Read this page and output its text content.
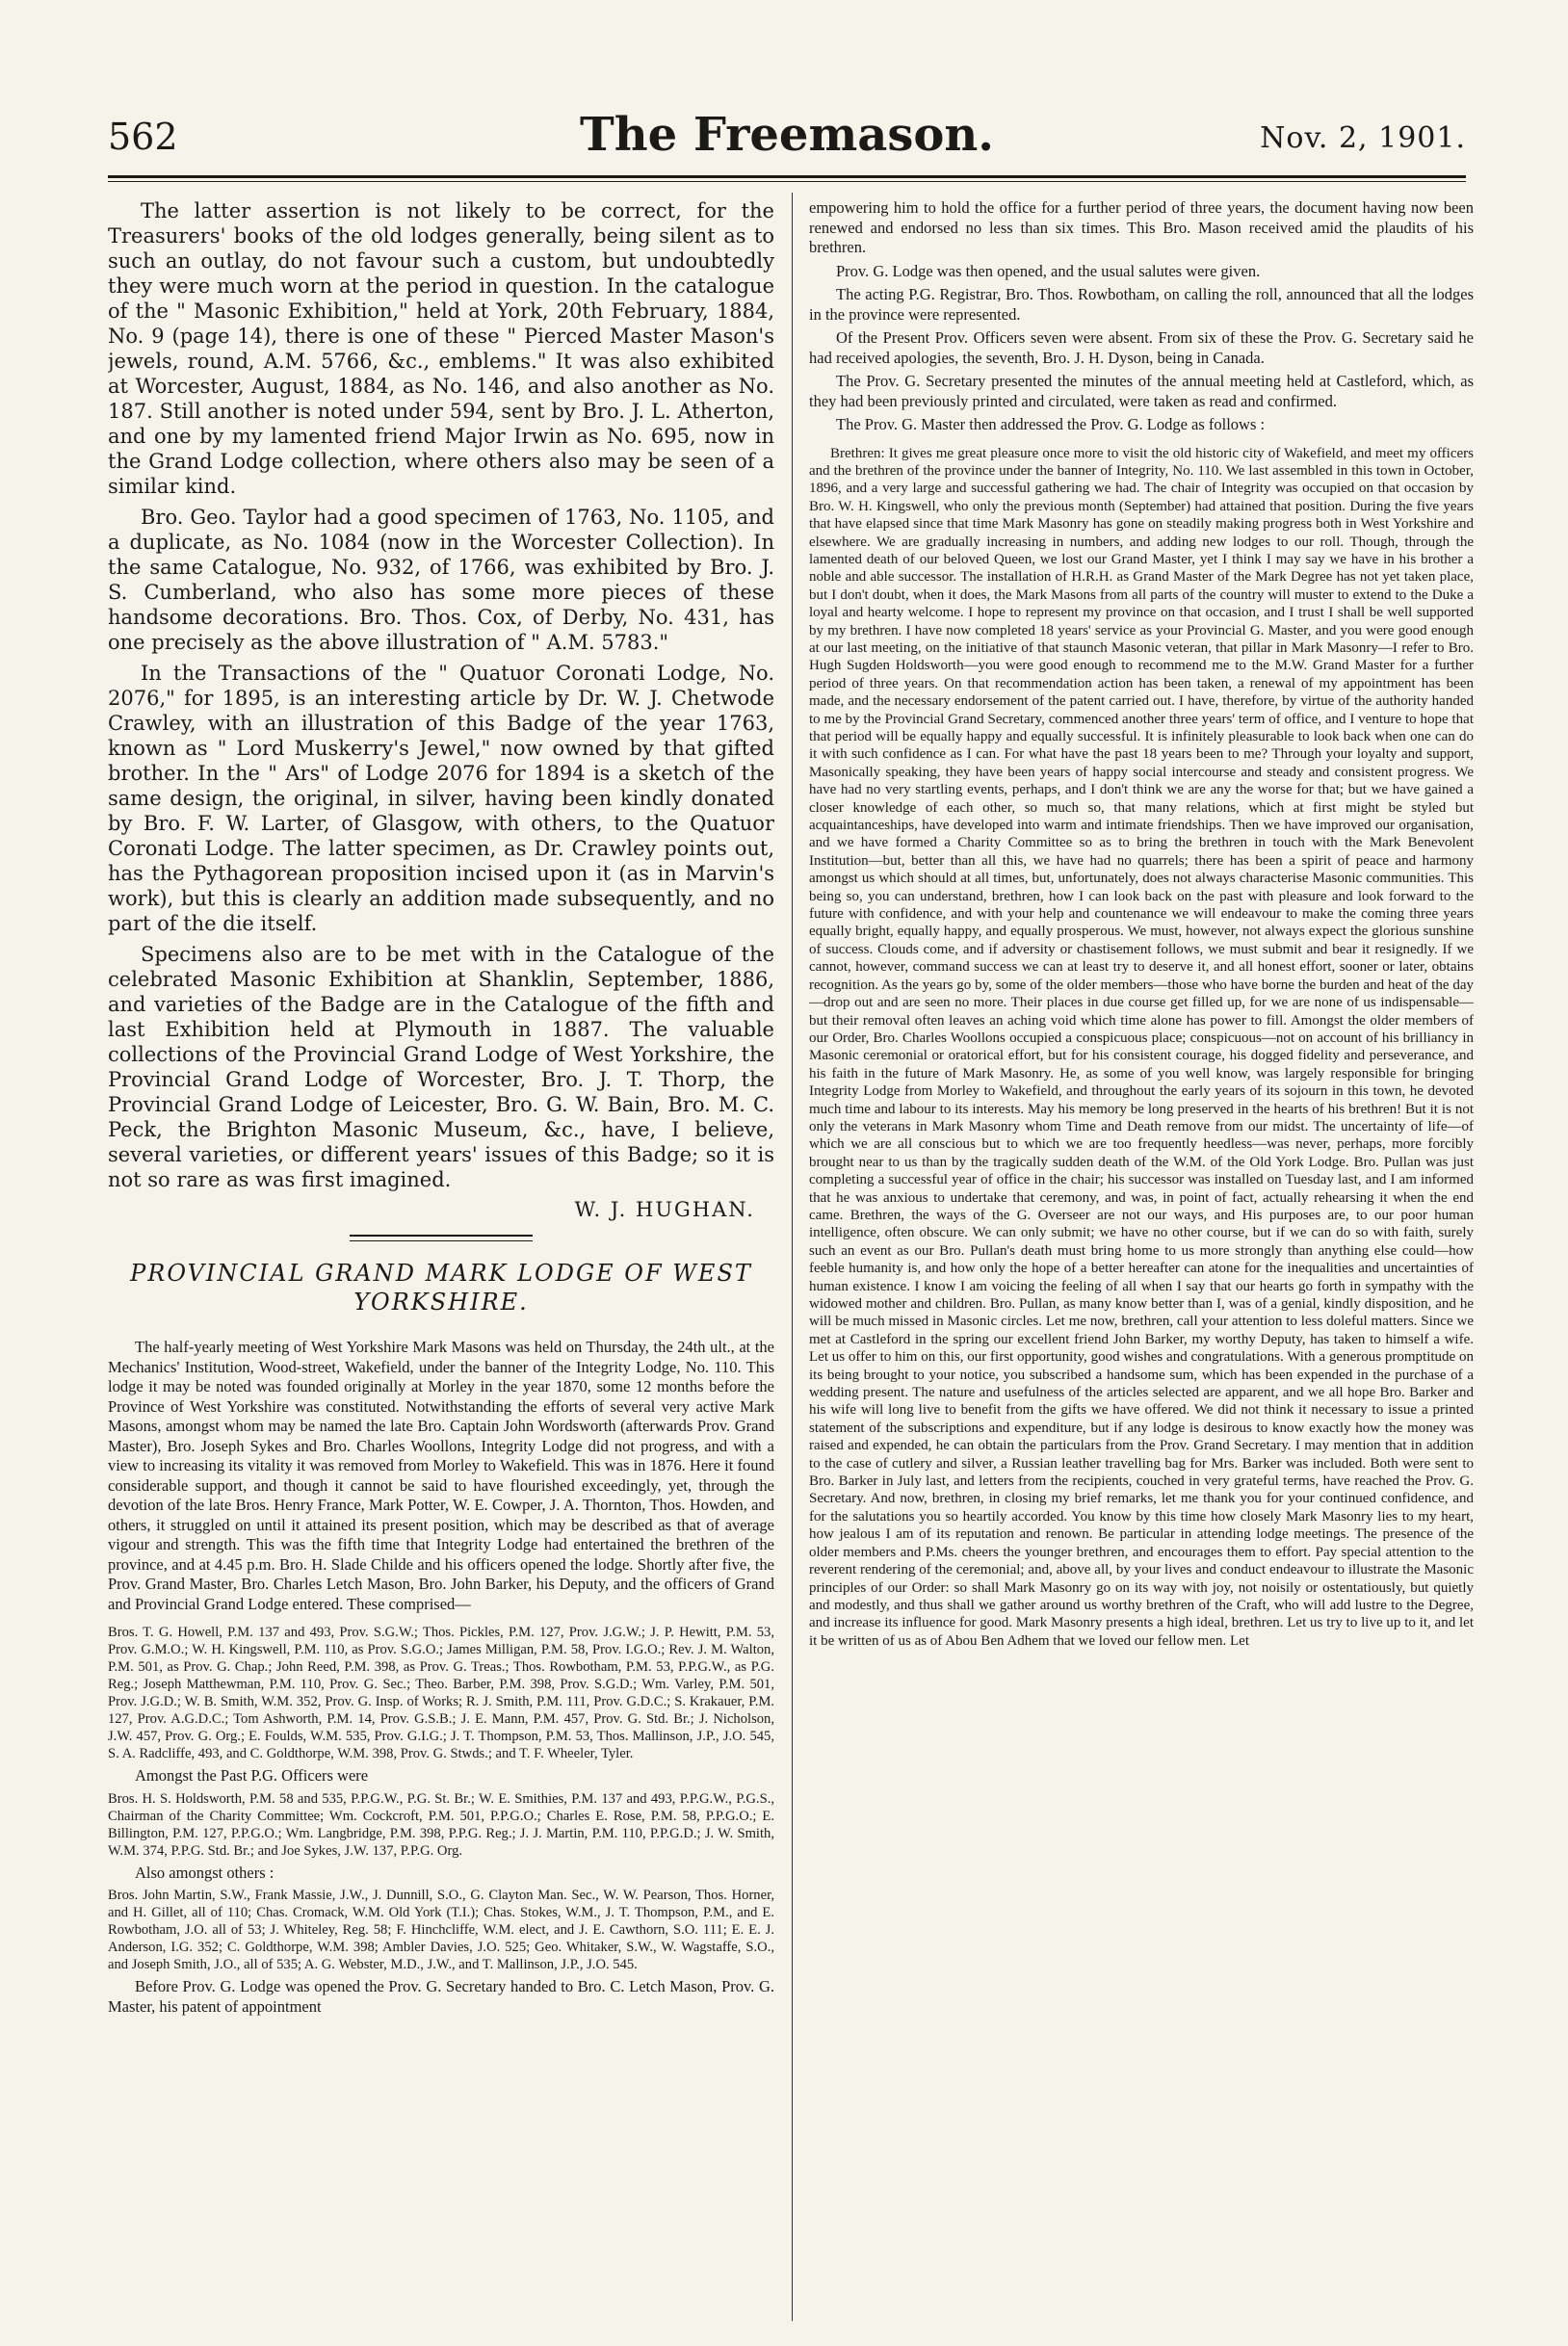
562	The Freemason.	Nov. 2, 1901.

The latter assertion is not likely to be correct, for the Treasurers' books of the old lodges generally, being silent as to such an outlay, do not favour such a custom, but undoubtedly they were much worn at the period in question. In the catalogue of the " Masonic Exhibition," held at York, 20th February, 1884, No. 9 (page 14), there is one of these " Pierced Master Mason's jewels, round, A.M. 5766, &c., emblems." It was also exhibited at Worcester, August, 1884, as No. 146, and also another as No. 187. Still another is noted under 594, sent by Bro. J. L. Atherton, and one by my lamented friend Major Irwin as No. 695, now in the Grand Lodge collection, where others also may be seen of a similar kind.

Bro. Geo. Taylor had a good specimen of 1763, No. 1105, and a duplicate, as No. 1084 (now in the Worcester Collection). In the same Catalogue, No. 932, of 1766, was exhibited by Bro. J. S. Cumberland, who also has some more pieces of these handsome decorations. Bro. Thos. Cox, of Derby, No. 431, has one precisely as the above illustration of " A.M. 5783."

In the Transactions of the " Quatuor Coronati Lodge, No. 2076," for 1895, is an interesting article by Dr. W. J. Chetwode Crawley, with an illustration of this Badge of the year 1763, known as " Lord Muskerry's Jewel," now owned by that gifted brother. In the " Ars" of Lodge 2076 for 1894 is a sketch of the same design, the original, in silver, having been kindly donated by Bro. F. W. Larter, of Glasgow, with others, to the Quatuor Coronati Lodge. The latter specimen, as Dr. Crawley points out, has the Pythagorean proposition incised upon it (as in Marvin's work), but this is clearly an addition made subsequently, and no part of the die itself.

Specimens also are to be met with in the Catalogue of the celebrated Masonic Exhibition at Shanklin, September, 1886, and varieties of the Badge are in the Catalogue of the fifth and last Exhibition held at Plymouth in 1887. The valuable collections of the Provincial Grand Lodge of West Yorkshire, the Provincial Grand Lodge of Worcester, Bro. J. T. Thorp, the Provincial Grand Lodge of Leicester, Bro. G. W. Bain, Bro. M. C. Peck, the Brighton Masonic Museum, &c., have, I believe, several varieties, or different years' issues of this Badge; so it is not so rare as was first imagined.

W. J. HUGHAN.
PROVINCIAL GRAND MARK LODGE OF WEST YORKSHIRE.

The half-yearly meeting of West Yorkshire Mark Masons was held on Thursday, the 24th ult., at the Mechanics' Institution, Wood-street, Wakefield, under the banner of the Integrity Lodge, No. 110. This lodge it may be noted was founded originally at Morley in the year 1870, some 12 months before the Province of West Yorkshire was constituted. Notwithstanding the efforts of several very active Mark Masons, amongst whom may be named the late Bro. Captain John Wordsworth (afterwards Prov. Grand Master), Bro. Joseph Sykes and Bro. Charles Woollons, Integrity Lodge did not progress, and with a view to increasing its vitality it was removed from Morley to Wakefield. This was in 1876. Here it found considerable support, and though it cannot be said to have flourished exceedingly, yet, through the devotion of the late Bros. Henry France, Mark Potter, W. E. Cowper, J. A. Thornton, Thos. Howden, and others, it struggled on until it attained its present position, which may be described as that of average vigour and strength. This was the fifth time that Integrity Lodge had entertained the brethren of the province, and at 4.45 p.m. Bro. H. Slade Childe and his officers opened the lodge. Shortly after five, the Prov. Grand Master, Bro. Charles Letch Mason, Bro. John Barker, his Deputy, and the officers of Grand and Provincial Grand Lodge entered. These comprised—

Bros. T. G. Howell, P.M. 137 and 493, Prov. S.G.W.; Thos. Pickles, P.M. 127, Prov. J.G.W.; J. P. Hewitt, P.M. 53, Prov. G.M.O.; W. H. Kingswell, P.M. 110, as Prov. S.G.O.; James Milligan, P.M. 58, Prov. I.G.O.; Rev. J. M. Walton, P.M. 501, as Prov. G. Chap.; John Reed, P.M. 398, as Prov. G. Treas.; Thos. Rowbotham, P.M. 53, P.P.G.W., as P.G. Reg.; Joseph Matthewman, P.M. 110, Prov. G. Sec.; Theo. Barber, P.M. 398, Prov. S.G.D.; Wm. Varley, P.M. 501, Prov. J.G.D.; W. B. Smith, W.M. 352, Prov. G. Insp. of Works; R. J. Smith, P.M. 111, Prov. G.D.C.; S. Krakauer, P.M. 127, Prov. A.G.D.C.; Tom Ashworth, P.M. 14, Prov. G.S.B.; J. E. Mann, P.M. 457, Prov. G. Std. Br.; J. Nicholson, J.W. 457, Prov. G. Org.; E. Foulds, W.M. 535, Prov. G.I.G.; J. T. Thompson, P.M. 53, Thos. Mallinson, J.P., J.O. 545, S. A. Radcliffe, 493, and C. Goldthorpe, W.M. 398, Prov. G. Stwds.; and T. F. Wheeler, Tyler.

Amongst the Past P.G. Officers were

Bros. H. S. Holdsworth, P.M. 58 and 535, P.P.G.W., P.G. St. Br.; W. E. Smithies, P.M. 137 and 493, P.P.G.W., P.G.S., Chairman of the Charity Committee; Wm. Cockcroft, P.M. 501, P.P.G.O.; Charles E. Rose, P.M. 58, P.P.G.O.; E. Billington, P.M. 127, P.P.G.O.; Wm. Langbridge, P.M. 398, P.P.G. Reg.; J. J. Martin, P.M. 110, P.P.G.D.; J. W. Smith, W.M. 374, P.P.G. Std. Br.; and Joe Sykes, J.W. 137, P.P.G. Org.

Also amongst others :

Bros. John Martin, S.W., Frank Massie, J.W., J. Dunnill, S.O., G. Clayton Man. Sec., W. W. Pearson, Thos. Horner, and H. Gillet, all of 110; Chas. Cromack, W.M. Old York (T.I.); Chas. Stokes, W.M., J. T. Thompson, P.M., and E. Rowbotham, J.O. all of 53; J. Whiteley, Reg. 58; F. Hinchcliffe, W.M. elect, and J. E. Cawthorn, S.O. 111; E. E. J. Anderson, I.G. 352; C. Goldthorpe, W.M. 398; Ambler Davies, J.O. 525; Geo. Whitaker, S.W., W. Wagstaffe, S.O., and Joseph Smith, J.O., all of 535; A. G. Webster, M.D., J.W., and T. Mallinson, J.P., J.O. 545.

Before Prov. G. Lodge was opened the Prov. G. Secretary handed to Bro. C. Letch Mason, Prov. G. Master, his patent of appointment

empowering him to hold the office for a further period of three years, the document having now been renewed and endorsed no less than six times. This Bro. Mason received amid the plaudits of his brethren.

Prov. G. Lodge was then opened, and the usual salutes were given.

The acting P.G. Registrar, Bro. Thos. Rowbotham, on calling the roll, announced that all the lodges in the province were represented.

Of the Present Prov. Officers seven were absent. From six of these the Prov. G. Secretary said he had received apologies, the seventh, Bro. J. H. Dyson, being in Canada.

The Prov. G. Secretary presented the minutes of the annual meeting held at Castleford, which, as they had been previously printed and circulated, were taken as read and confirmed.

The Prov. G. Master then addressed the Prov. G. Lodge as follows :

Brethren: It gives me great pleasure once more to visit the old historic city of Wakefield, and meet my officers and the brethren of the province under the banner of Integrity, No. 110. We last assembled in this town in October, 1896, and a very large and successful gathering we had. The chair of Integrity was occupied on that occasion by Bro. W. H. Kingswell, who only the previous month (September) had attained that position. During the five years that have elapsed since that time Mark Masonry has gone on steadily making progress both in West Yorkshire and elsewhere. We are gradually increasing in numbers, and adding new lodges to our roll. Though, through the lamented death of our beloved Queen, we lost our Grand Master, yet I think I may say we have in his brother a noble and able successor. The installation of H.R.H. as Grand Master of the Mark Degree has not yet taken place, but I don't doubt, when it does, the Mark Masons from all parts of the country will muster to extend to the Duke a loyal and hearty welcome. I hope to represent my province on that occasion, and I trust I shall be well supported by my brethren. I have now completed 18 years' service as your Provincial G. Master, and you were good enough at our last meeting, on the initiative of that staunch Masonic veteran, that pillar in Mark Masonry—I refer to Bro. Hugh Sugden Holdsworth—you were good enough to recommend me to the M.W. Grand Master for a further period of three years. On that recommendation action has been taken, a renewal of my appointment has been made, and the necessary endorsement of the patent carried out. I have, therefore, by virtue of the authority handed to me by the Provincial Grand Secretary, commenced another three years' term of office, and I venture to hope that that period will be equally happy and equally successful. It is infinitely pleasurable to look back when one can do it with such confidence as I can. For what have the past 18 years been to me? Through your loyalty and support, Masonically speaking, they have been years of happy social intercourse and steady and consistent progress. We have had no very startling events, perhaps, and I don't think we are any the worse for that; but we have gained a closer knowledge of each other, so much so, that many relations, which at first might be styled but acquaintanceships, have developed into warm and intimate friendships. Then we have improved our organisation, and we have formed a Charity Committee so as to bring the brethren in touch with the Mark Benevolent Institution—but, better than all this, we have had no quarrels; there has been a spirit of peace and harmony amongst us which should at all times, but, unfortunately, does not always characterise Masonic communities. This being so, you can understand, brethren, how I can look back on the past with pleasure and look forward to the future with confidence, and with your help and countenance we will endeavour to make the coming three years equally bright, equally happy, and equally prosperous. We must, however, not always expect the glorious sunshine of success. Clouds come, and if adversity or chastisement follows, we must submit and bear it resignedly. If we cannot, however, command success we can at least try to deserve it, and all honest effort, sooner or later, obtains recognition. As the years go by, some of the older members—those who have borne the burden and heat of the day—drop out and are seen no more. Their places in due course get filled up, for we are none of us indispensable—but their removal often leaves an aching void which time alone has power to fill. Amongst the older members of our Order, Bro. Charles Woollons occupied a conspicuous place; conspicuous—not on account of his brilliancy in Masonic ceremonial or oratorical effort, but for his consistent courage, his dogged fidelity and perseverance, and his faith in the future of Mark Masonry. He, as some of you well know, was largely responsible for bringing Integrity Lodge from Morley to Wakefield, and throughout the early years of its sojourn in this town, he devoted much time and labour to its interests. May his memory be long preserved in the hearts of his brethren! But it is not only the veterans in Mark Masonry whom Time and Death remove from our midst. The uncertainty of life—of which we are all conscious but to which we are too frequently heedless—was never, perhaps, more forcibly brought near to us than by the tragically sudden death of the W.M. of the Old York Lodge. Bro. Pullan was just completing a successful year of office in the chair; his successor was installed on Tuesday last, and I am informed that he was anxious to undertake that ceremony, and was, in point of fact, actually rehearsing it when the end came. Brethren, the ways of the G. Overseer are not our ways, and His purposes are, to our poor human intelligence, often obscure. We can only submit; we have no other course, but if we can do so with faith, surely such an event as our Bro. Pullan's death must bring home to us more strongly than anything else could—how feeble humanity is, and how only the hope of a better hereafter can atone for the inequalities and uncertainties of human existence. I know I am voicing the feeling of all when I say that our hearts go forth in sympathy with the widowed mother and children. Bro. Pullan, as many know better than I, was of a genial, kindly disposition, and he will be much missed in Masonic circles. Let me now, brethren, call your attention to less doleful matters. Since we met at Castleford in the spring our excellent friend John Barker, my worthy Deputy, has taken to himself a wife. Let us offer to him on this, our first opportunity, good wishes and congratulations. With a generous promptitude on its being brought to your notice, you subscribed a handsome sum, which has been expended in the purchase of a wedding present. The nature and usefulness of the articles selected are apparent, and we all hope Bro. Barker and his wife will long live to benefit from the gifts we have offered. We did not think it necessary to issue a printed statement of the subscriptions and expenditure, but if any lodge is desirous to know exactly how the money was raised and expended, he can obtain the particulars from the Prov. Grand Secretary. I may mention that in addition to the case of cutlery and silver, a Russian leather travelling bag for Mrs. Barker was included. Both were sent to Bro. Barker in July last, and letters from the recipients, couched in very grateful terms, have reached the Prov. G. Secretary. And now, brethren, in closing my brief remarks, let me thank you for your continued confidence, and for the salutations you so heartily accorded. You know by this time how closely Mark Masonry lies to my heart, how jealous I am of its reputation and renown. Be particular in attending lodge meetings. The presence of the older members and P.Ms. cheers the younger brethren, and encourages them to effort. Pay special attention to the reverent rendering of the ceremonial; and, above all, by your lives and conduct endeavour to illustrate the Masonic principles of our Order: so shall Mark Masonry go on its way with joy, not noisily or ostentatiously, but quietly and modestly, and thus shall we gather around us worthy brethren of the Craft, who will add lustre to the Degree, and increase its influence for good. Mark Masonry presents a high ideal, brethren. Let us try to live up to it, and let it be written of us as of Abou Ben Adhem that we loved our fellow men. Let
